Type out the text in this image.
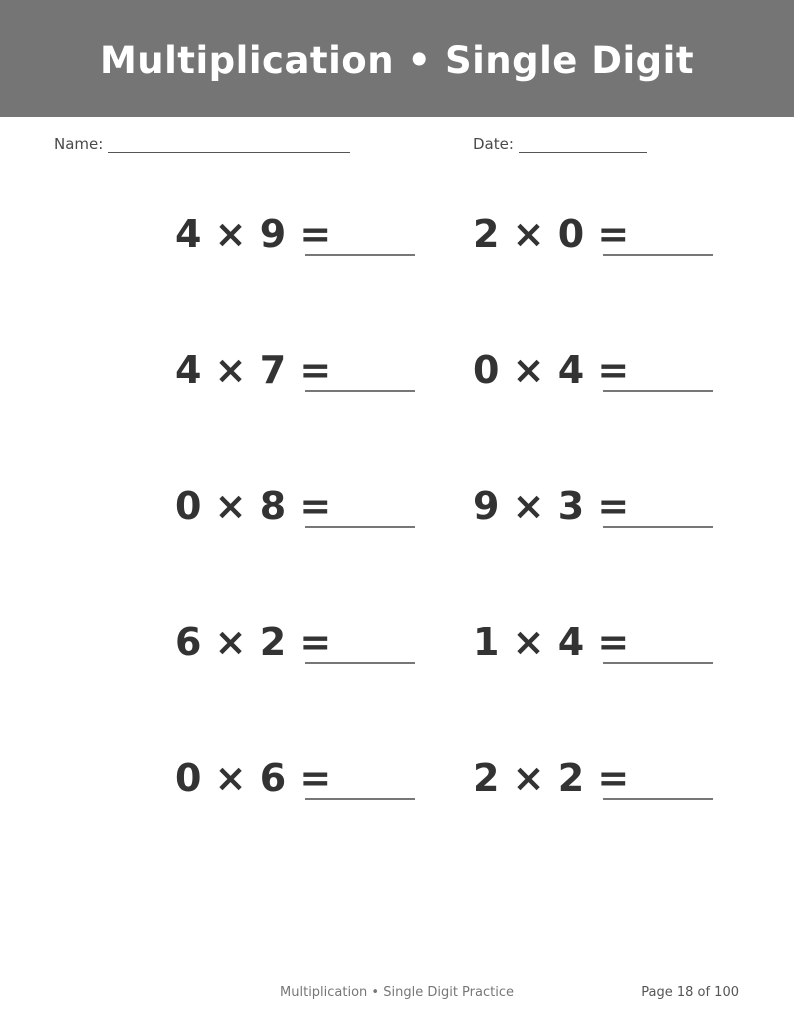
Multiplication • Single Digit
Name:	Date:
4 × 9 =	2 × 0 =
4 × 7 =	0 × 4 =
0 × 8 =	9 × 3 =
6 × 2 =	1 × 4 =
0 × 6 =	2 × 2 =
Multiplication • Single Digit Practice	Page 18 of 100
